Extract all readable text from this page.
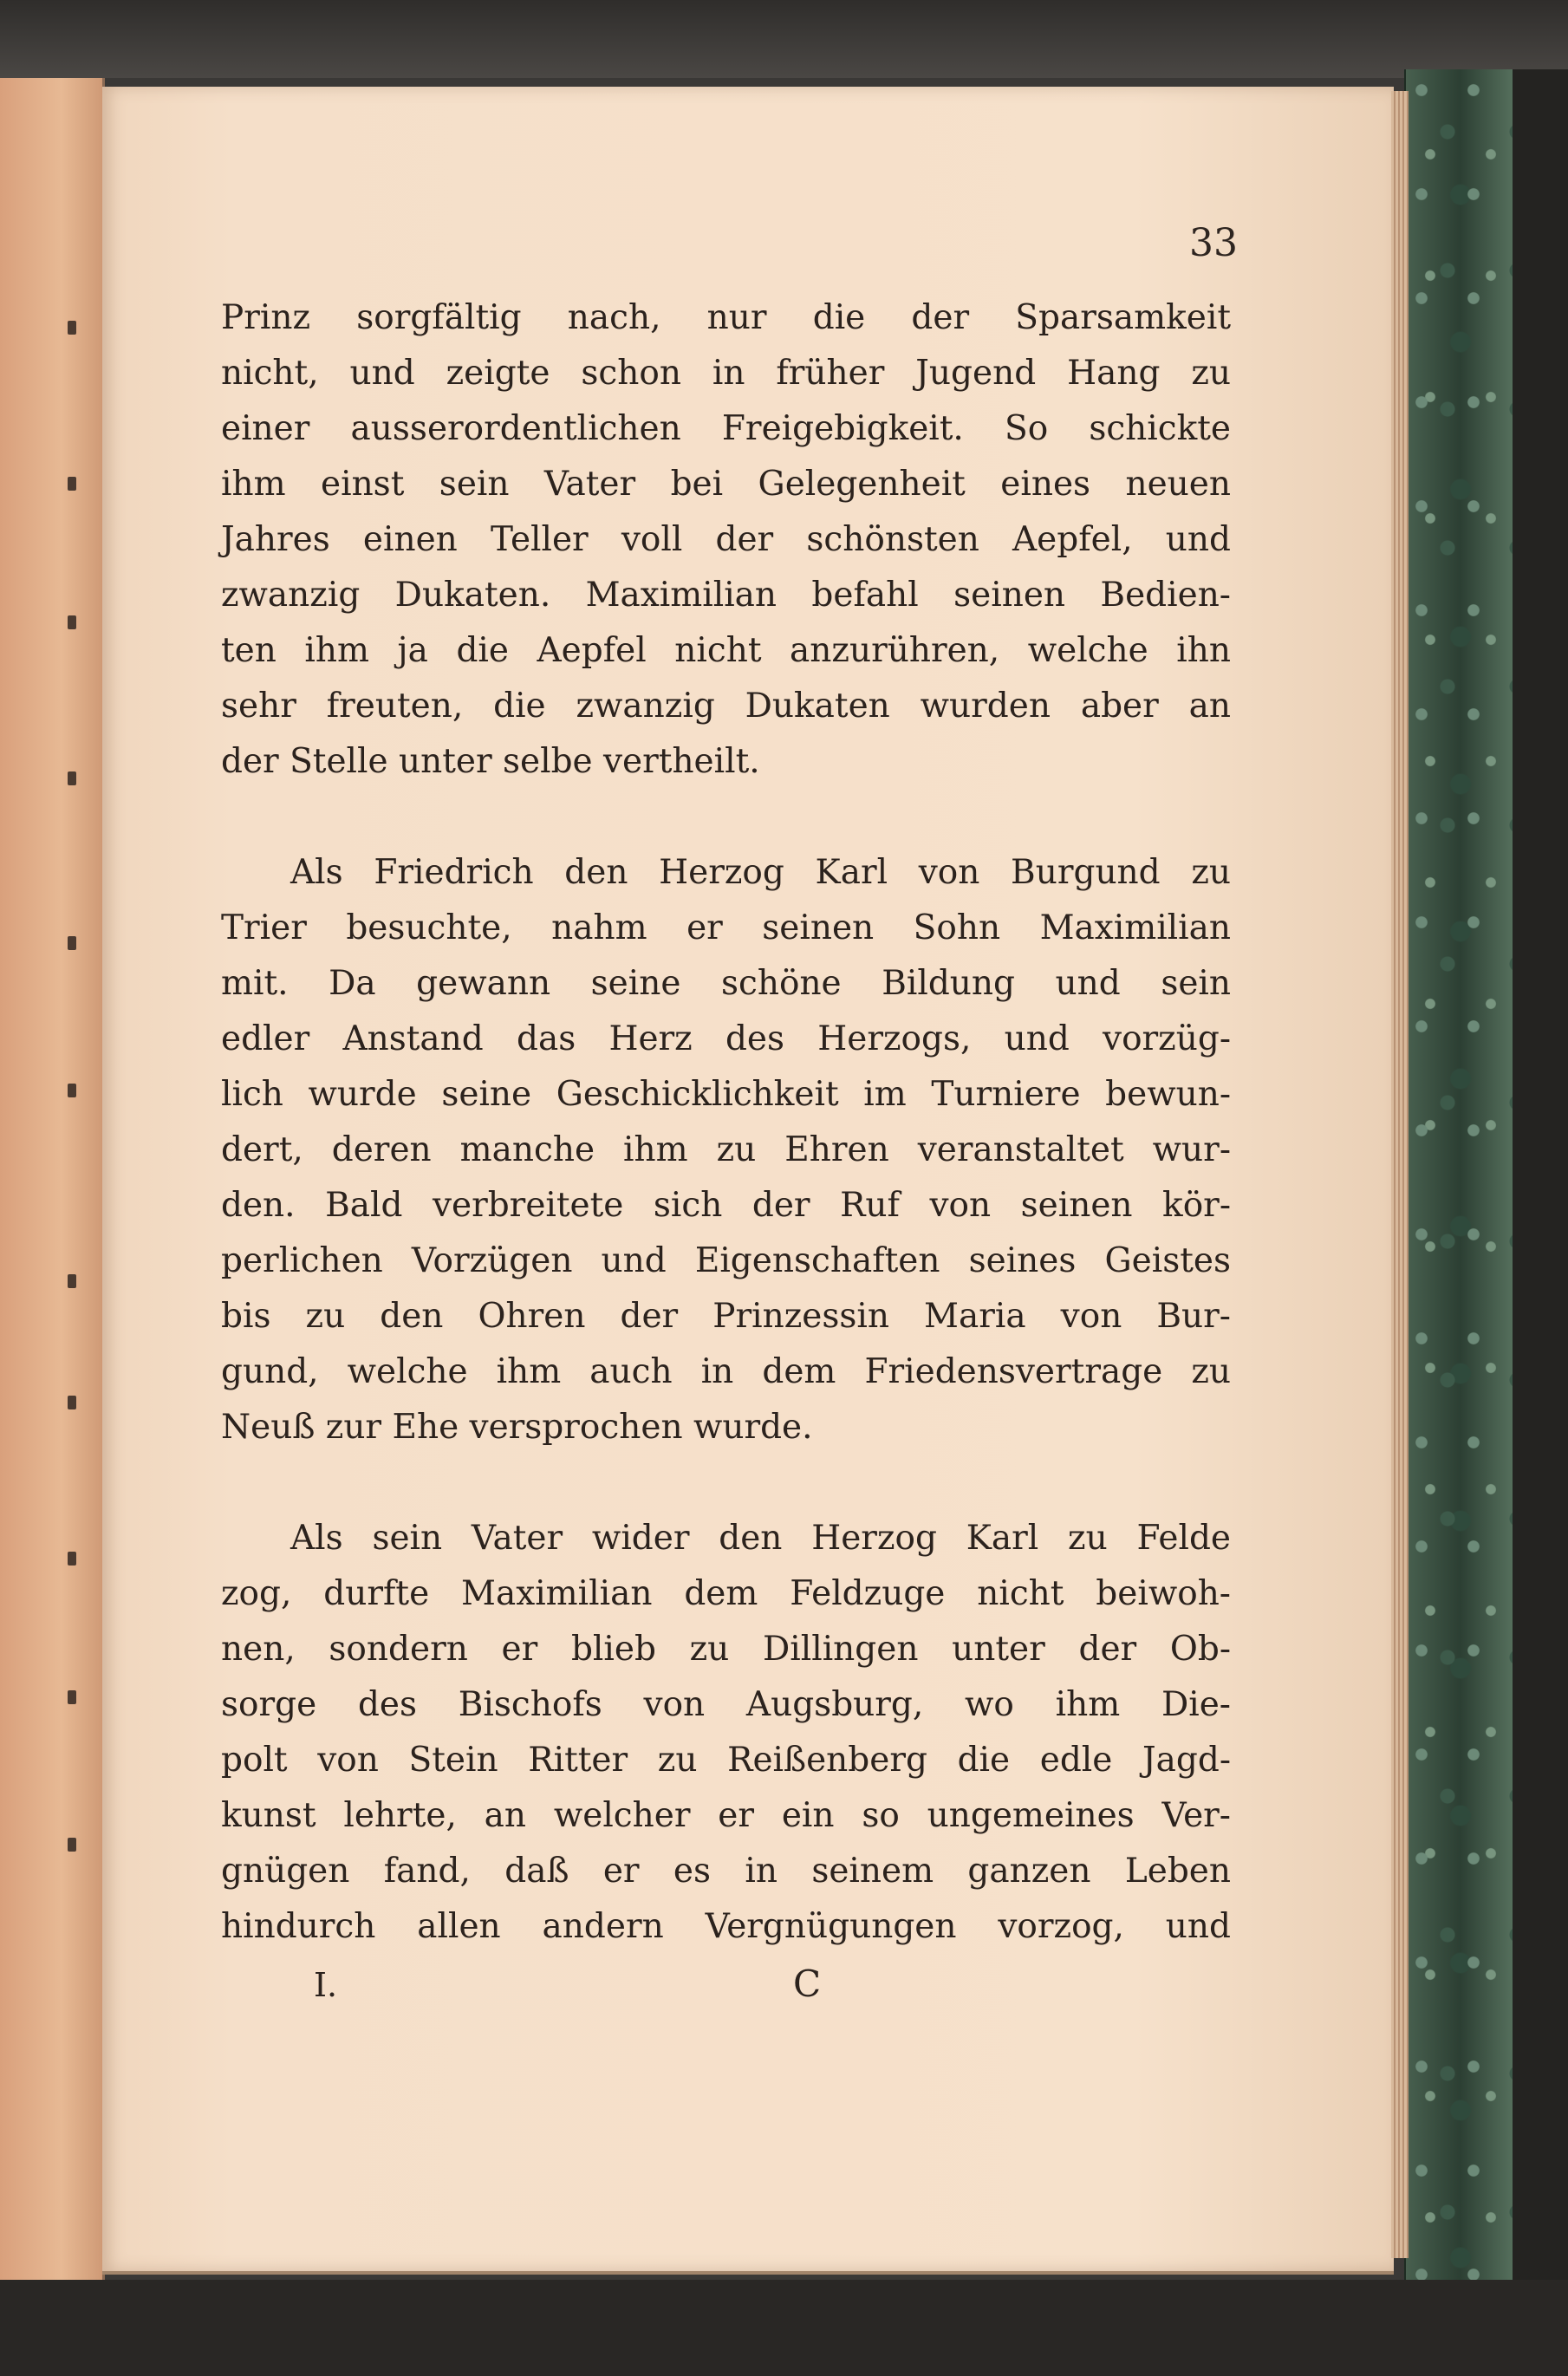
33
Prinz sorgfältig nach, nur die der Sparsamkeit
nicht, und zeigte schon in früher Jugend Hang zu
einer ausserordentlichen Freigebigkeit. So schickte
ihm einst sein Vater bei Gelegenheit eines neuen
Jahres einen Teller voll der schönsten Aepfel, und
zwanzig Dukaten. Maximilian befahl seinen Bedien-
ten ihm ja die Aepfel nicht anzurühren, welche ihn
sehr freuten, die zwanzig Dukaten wurden aber an
der Stelle unter selbe vertheilt.
Als Friedrich den Herzog Karl von Burgund zu
Trier besuchte, nahm er seinen Sohn Maximilian
mit. Da gewann seine schöne Bildung und sein
edler Anstand das Herz des Herzogs, und vorzüg-
lich wurde seine Geschicklichkeit im Turniere bewun-
dert, deren manche ihm zu Ehren veranstaltet wur-
den. Bald verbreitete sich der Ruf von seinen kör-
perlichen Vorzügen und Eigenschaften seines Geistes
bis zu den Ohren der Prinzessin Maria von Bur-
gund, welche ihm auch in dem Friedensvertrage zu
Neuß zur Ehe versprochen wurde.
Als sein Vater wider den Herzog Karl zu Felde
zog, durfte Maximilian dem Feldzuge nicht beiwoh-
nen, sondern er blieb zu Dillingen unter der Ob-
sorge des Bischofs von Augsburg, wo ihm Die-
polt von Stein Ritter zu Reißenberg die edle Jagd-
kunst lehrte, an welcher er ein so ungemeines Ver-
gnügen fand, daß er es in seinem ganzen Leben
hindurch allen andern Vergnügungen vorzog, und
I.	C
